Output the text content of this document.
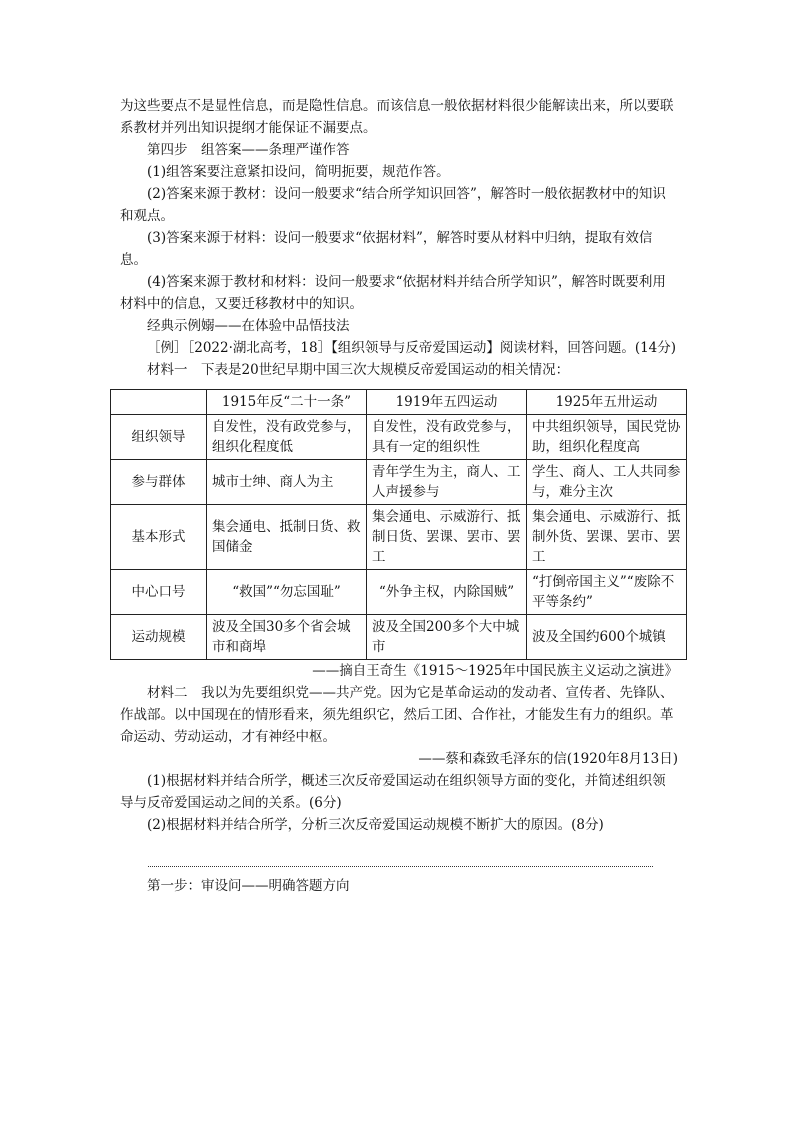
为这些要点不是显性信息，而是隐性信息。而该信息一般依据材料很少能解读出来，所以要联系教材并列出知识提纲才能保证不漏要点。

第四步　组答案——条理严谨作答

(1)组答案要注意紧扣设问，简明扼要，规范作答。

(2)答案来源于教材：设问一般要求“结合所学知识回答”，解答时一般依据教材中的知识和观点。

(3)答案来源于材料：设问一般要求“依据材料”，解答时要从材料中归纳，提取有效信息。

(4)答案来源于教材和材料：设问一般要求“依据材料并结合所学知识”，解答时既要利用材料中的信息，又要迁移教材中的知识。

经典示例嫋——在体验中品悟技法

［例］［2022·湖北高考，18］【组织领导与反帝爱国运动】阅读材料，回答问题。(14分)

材料一　下表是20世纪早期中国三次大规模反帝爱国运动的相关情况：

	1915年反“二十一条”	1919年五四运动	1925年五卅运动
组织领导	自发性，没有政党参与，组织化程度低	自发性，没有政党参与，具有一定的组织性	中共组织领导，国民党协助，组织化程度高
参与群体	城市士绅、商人为主	青年学生为主，商人、工人声援参与	学生、商人、工人共同参与，难分主次
基本形式	集会通电、抵制日货、救国储金	集会通电、示威游行、抵制日货、罢课、罢市、罢工	集会通电、示威游行、抵制外货、罢课、罢市、罢工
中心口号	“救国”“勿忘国耻”	“外争主权，内除国贼”	“打倒帝国主义”“废除不平等条约”
运动规模	波及全国30多个省会城市和商埠	波及全国200多个大中城市	波及全国约600个城镇

——摘自王奇生《1915～1925年中国民族主义运动之演进》

材料二　我以为先要组织党——共产党。因为它是革命运动的发动者、宣传者、先锋队、作战部。以中国现在的情形看来，须先组织它，然后工团、合作社，才能发生有力的组织。革命运动、劳动运动，才有神经中枢。

——蔡和森致毛泽东的信(1920年8月13日)

(1)根据材料并结合所学，概述三次反帝爱国运动在组织领导方面的变化，并简述组织领导与反帝爱国运动之间的关系。(6分)

(2)根据材料并结合所学，分析三次反帝爱国运动规模不断扩大的原因。(8分)

第一步：审设问——明确答题方向
